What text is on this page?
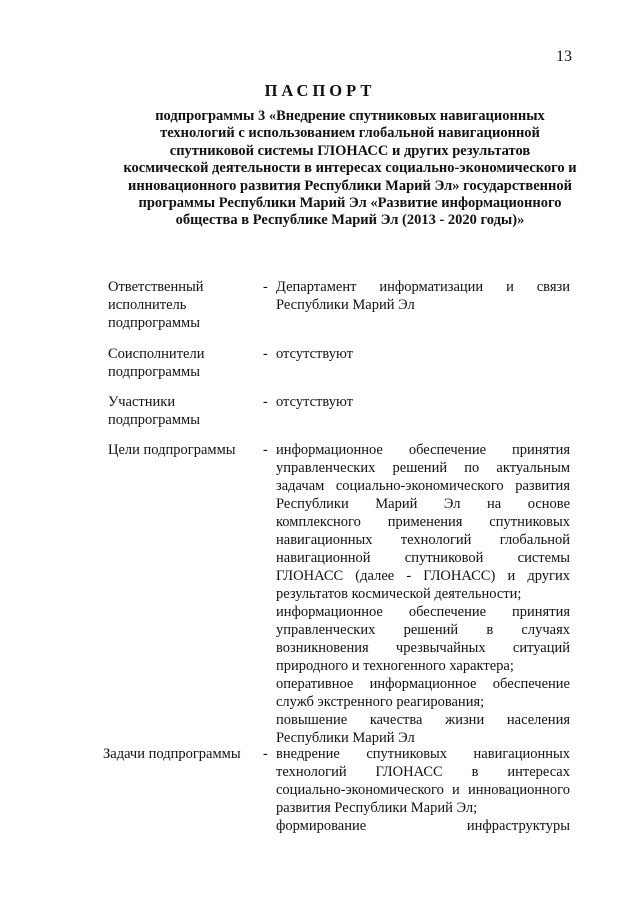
13
ПАСПОРТ
подпрограммы 3 «Внедрение спутниковых навигационных
технологий с использованием глобальной навигационной
спутниковой системы ГЛОНАСС и других результатов
космической деятельности в интересах социально-экономического и
инновационного развития Республики Марий Эл» государственной
программы Республики Марий Эл «Развитие информационного
общества в Республике Марий Эл (2013 - 2020 годы)»
Ответственный
исполнитель
подпрограммы
- Департамент информатизации и связи
Республики Марий Эл
Соисполнители
подпрограммы
- отсутствуют
Участники
подпрограммы
- отсутствуют
Цели подпрограммы	- информационное обеспечение принятия
управленческих решений по актуальным
задачам социально-экономического развития
Республики Марий Эл на основе
комплексного применения спутниковых
навигационных технологий глобальной
навигационной спутниковой системы
ГЛОНАСС (далее - ГЛОНАСС) и других
результатов космической деятельности;
информационное обеспечение принятия
управленческих решений в случаях
возникновения чрезвычайных ситуаций
природного и техногенного характера;
оперативное информационное обеспечение
служб экстренного реагирования;
повышение качества жизни населения
Республики Марий Эл
Задачи подпрограммы	- внедрение спутниковых навигационных
технологий ГЛОНАСС в интересах
социально-экономического и инновационного
развития Республики Марий Эл;
формирование инфраструктуры
